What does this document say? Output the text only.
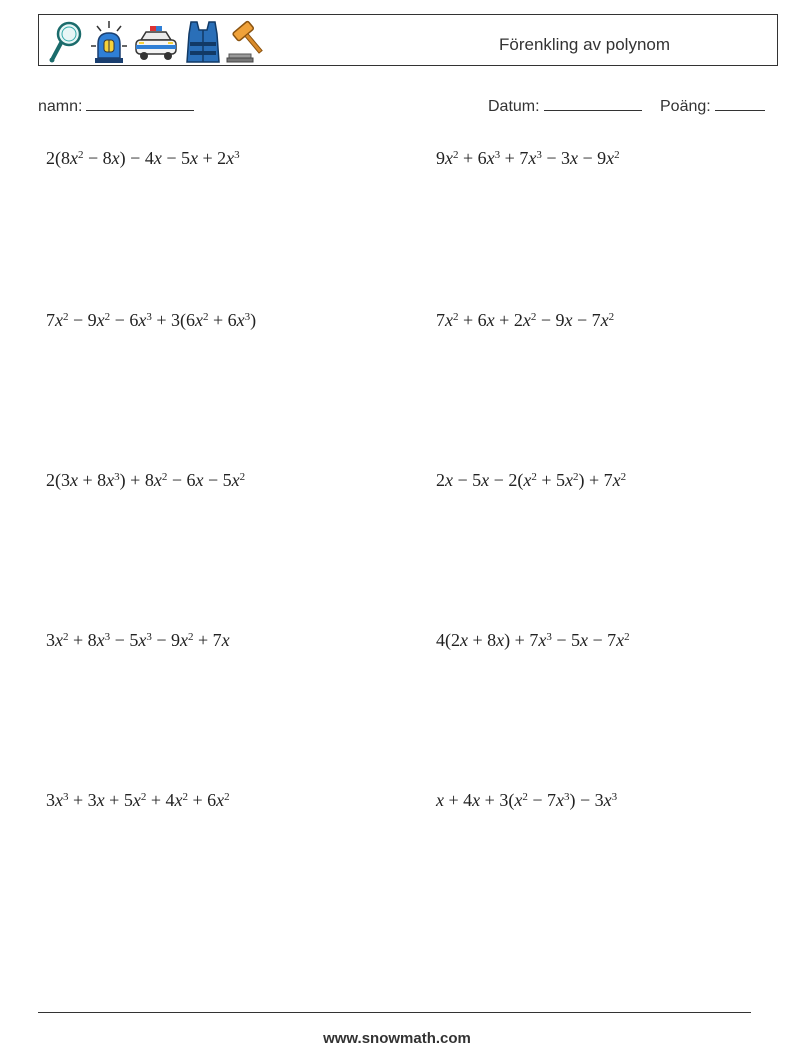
Förenkling av polynom
namn:	Datum:	Poäng:
$2(8x^2 - 8x) - 4x - 5x + 2x^3$	$9x^2 + 6x^3 + 7x^3 - 3x - 9x^2$
$7x^2 - 9x^2 - 6x^3 + 3(6x^2 + 6x^3)$	$7x^2 + 6x + 2x^2 - 9x - 7x^2$
$2(3x + 8x^3) + 8x^2 - 6x - 5x^2$	$2x - 5x - 2(x^2 + 5x^2) + 7x^2$
$3x^2 + 8x^3 - 5x^3 - 9x^2 + 7x$	$4(2x + 8x) + 7x^3 - 5x - 7x^2$
$3x^3 + 3x + 5x^2 + 4x^2 + 6x^2$	$x + 4x + 3(x^2 - 7x^3) - 3x^3$
www.snowmath.com
